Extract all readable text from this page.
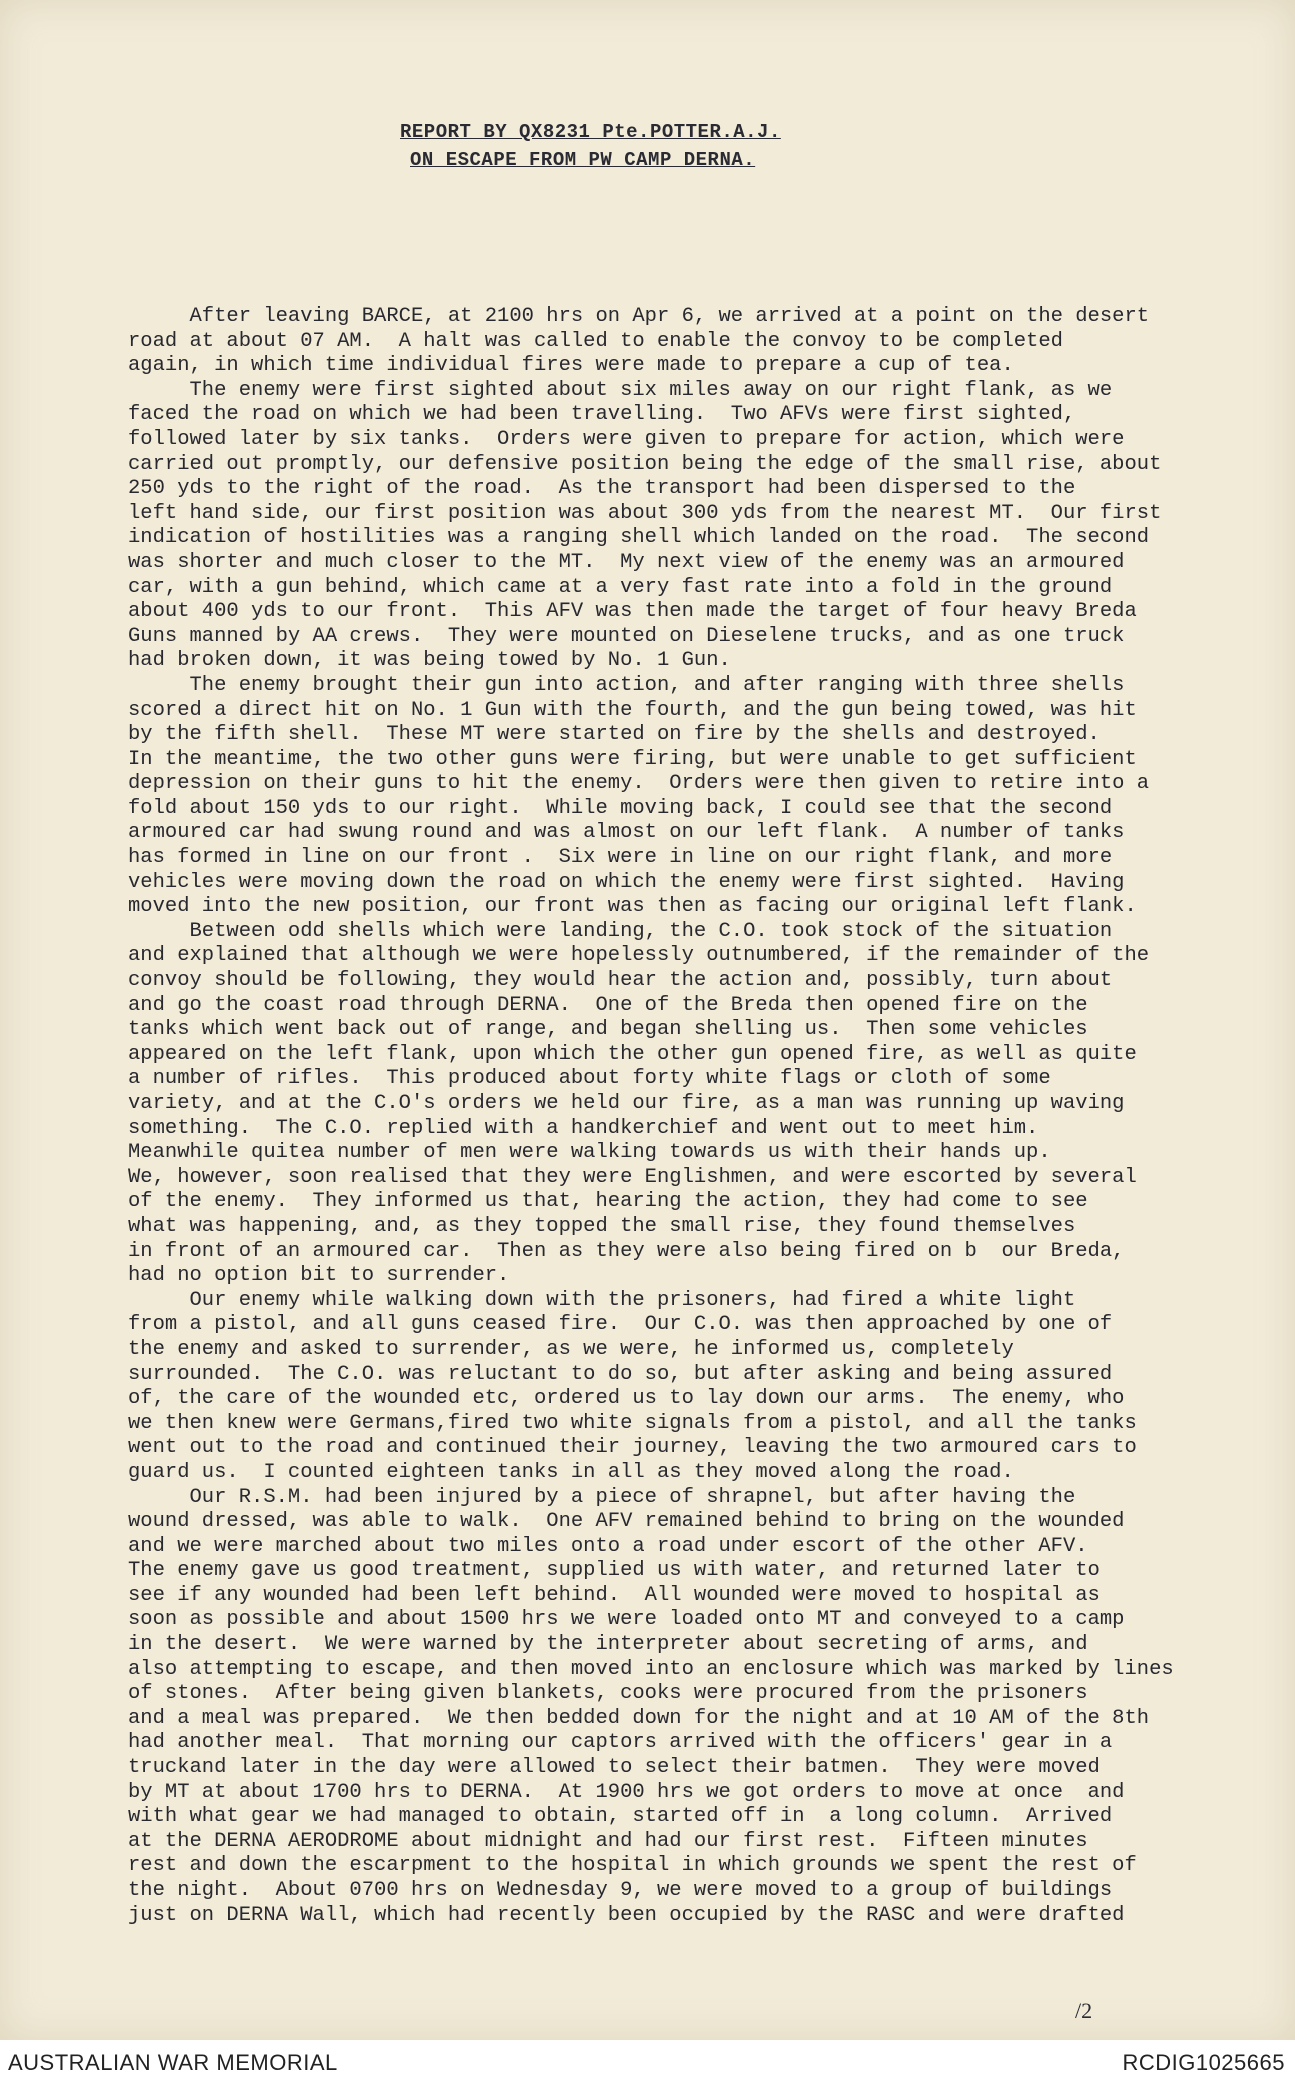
REPORT BY QX8231 Pte.POTTER.A.J.
ON ESCAPE FROM PW CAMP DERNA.
After leaving BARCE, at 2100 hrs on Apr 6, we arrived at a point on the desert
road at about 07 AM.  A halt was called to enable the convoy to be completed
again, in which time individual fires were made to prepare a cup of tea.
The enemy were first sighted about six miles away on our right flank, as we
faced the road on which we had been travelling.  Two AFVs were first sighted,
followed later by six tanks.  Orders were given to prepare for action, which were
carried out promptly, our defensive position being the edge of the small rise, about
250 yds to the right of the road.  As the transport had been dispersed to the
left hand side, our first position was about 300 yds from the nearest MT.  Our first
indication of hostilities was a ranging shell which landed on the road.  The second
was shorter and much closer to the MT.  My next view of the enemy was an armoured
car, with a gun behind, which came at a very fast rate into a fold in the ground
about 400 yds to our front.  This AFV was then made the target of four heavy Breda
Guns manned by AA crews.  They were mounted on Dieselene trucks, and as one truck
had broken down, it was being towed by No. 1 Gun.
The enemy brought their gun into action, and after ranging with three shells
scored a direct hit on No. 1 Gun with the fourth, and the gun being towed, was hit
by the fifth shell.  These MT were started on fire by the shells and destroyed.
In the meantime, the two other guns were firing, but were unable to get sufficient
depression on their guns to hit the enemy.  Orders were then given to retire into a
fold about 150 yds to our right.  While moving back, I could see that the second
armoured car had swung round and was almost on our left flank.  A number of tanks
has formed in line on our front .  Six were in line on our right flank, and more
vehicles were moving down the road on which the enemy were first sighted.  Having
moved into the new position, our front was then as facing our original left flank.
Between odd shells which were landing, the C.O. took stock of the situation
and explained that although we were hopelessly outnumbered, if the remainder of the
convoy should be following, they would hear the action and, possibly, turn about
and go the coast road through DERNA.  One of the Breda then opened fire on the
tanks which went back out of range, and began shelling us.  Then some vehicles
appeared on the left flank, upon which the other gun opened fire, as well as quite
a number of rifles.  This produced about forty white flags or cloth of some
variety, and at the C.O's orders we held our fire, as a man was running up waving
something.  The C.O. replied with a handkerchief and went out to meet him.
Meanwhile quitea number of men were walking towards us with their hands up.
We, however, soon realised that they were Englishmen, and were escorted by several
of the enemy.  They informed us that, hearing the action, they had come to see
what was happening, and, as they topped the small rise, they found themselves
in front of an armoured car.  Then as they were also being fired on b  our Breda,
had no option bit to surrender.
Our enemy while walking down with the prisoners, had fired a white light
from a pistol, and all guns ceased fire.  Our C.O. was then approached by one of
the enemy and asked to surrender, as we were, he informed us, completely
surrounded.  The C.O. was reluctant to do so, but after asking and being assured
of, the care of the wounded etc, ordered us to lay down our arms.  The enemy, who
we then knew were Germans,fired two white signals from a pistol, and all the tanks
went out to the road and continued their journey, leaving the two armoured cars to
guard us.  I counted eighteen tanks in all as they moved along the road.
Our R.S.M. had been injured by a piece of shrapnel, but after having the
wound dressed, was able to walk.  One AFV remained behind to bring on the wounded
and we were marched about two miles onto a road under escort of the other AFV.
The enemy gave us good treatment, supplied us with water, and returned later to
see if any wounded had been left behind.  All wounded were moved to hospital as
soon as possible and about 1500 hrs we were loaded onto MT and conveyed to a camp
in the desert.  We were warned by the interpreter about secreting of arms, and
also attempting to escape, and then moved into an enclosure which was marked by lines
of stones.  After being given blankets, cooks were procured from the prisoners
and a meal was prepared.  We then bedded down for the night and at 10 AM of the 8th
had another meal.  That morning our captors arrived with the officers' gear in a
truckand later in the day were allowed to select their batmen.  They were moved
by MT at about 1700 hrs to DERNA.  At 1900 hrs we got orders to move at once  and
with what gear we had managed to obtain, started off in  a long column.  Arrived
at the DERNA AERODROME about midnight and had our first rest.  Fifteen minutes
rest and down the escarpment to the hospital in which grounds we spent the rest of
the night.  About 0700 hrs on Wednesday 9, we were moved to a group of buildings
just on DERNA Wall, which had recently been occupied by the RASC and were drafted
/2
AUSTRALIAN WAR MEMORIAL	RCDIG1025665
